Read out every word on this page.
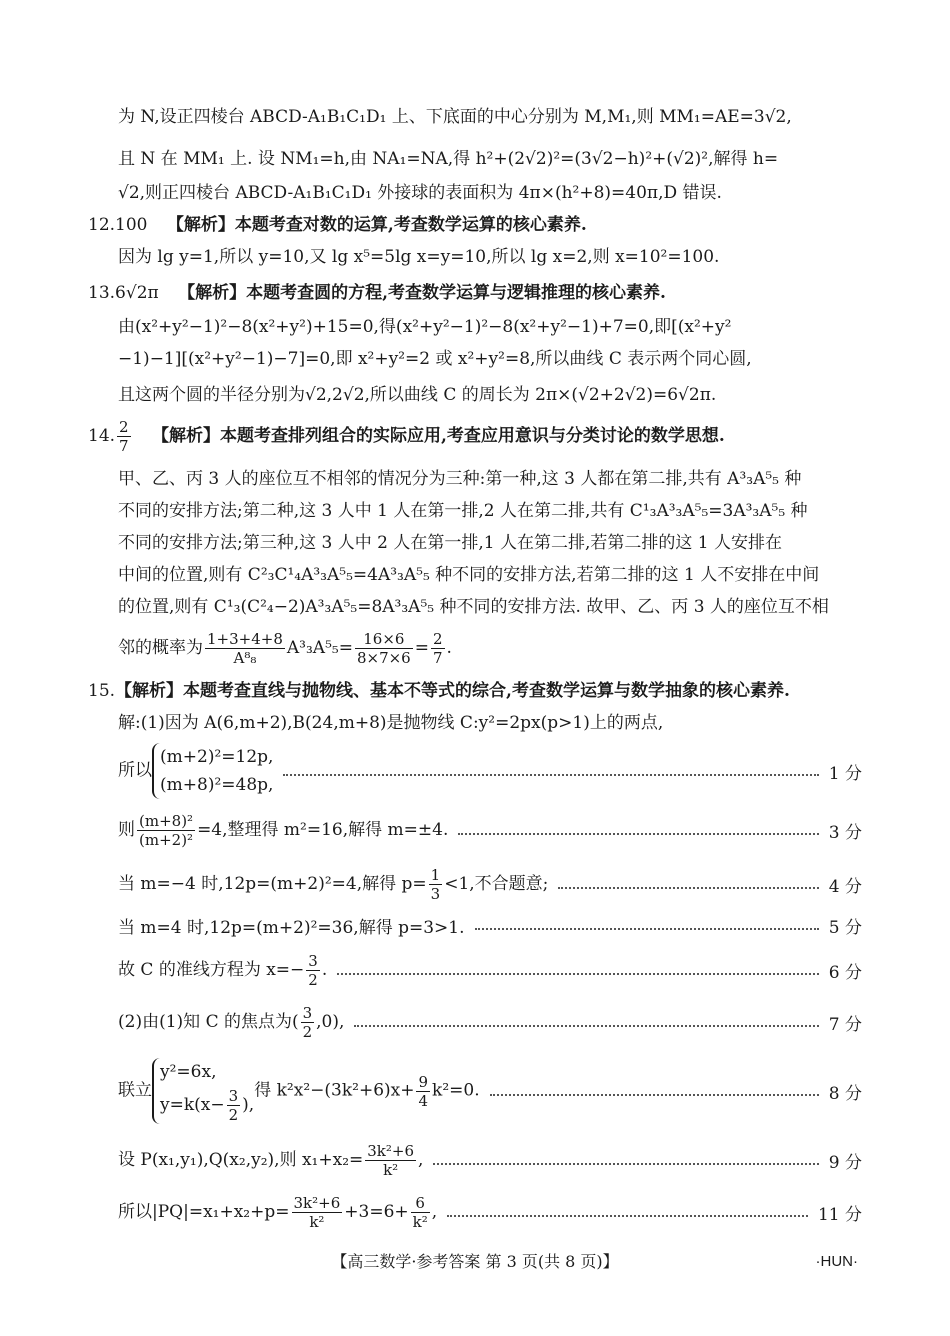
为 N,设正四棱台 ABCD-A₁B₁C₁D₁ 上、下底面的中心分别为 M,M₁,则 MM₁=AE=3√2,
且 N 在 MM₁ 上. 设 NM₁=h,由 NA₁=NA,得 h²+(2√2)²=(3√2−h)²+(√2)²,解得 h=
√2,则正四棱台 ABCD-A₁B₁C₁D₁ 外接球的表面积为 4π×(h²+8)=40π,D 错误.
12.100 【解析】本题考查对数的运算,考查数学运算的核心素养.
因为 lg y=1,所以 y=10,又 lg x⁵=5lg x=y=10,所以 lg x=2,则 x=10²=100.
13.6√2π 【解析】本题考查圆的方程,考查数学运算与逻辑推理的核心素养.
由(x²+y²−1)²−8(x²+y²)+15=0,得(x²+y²−1)²−8(x²+y²−1)+7=0,即[(x²+y²
−1)−1][(x²+y²−1)−7]=0,即 x²+y²=2 或 x²+y²=8,所以曲线 C 表示两个同心圆,
且这两个圆的半径分别为√2,2√2,所以曲线 C 的周长为 2π×(√2+2√2)=6√2π.
14. $\frac{2}{7}$ 【解析】本题考查排列组合的实际应用,考查应用意识与分类讨论的数学思想.
甲、乙、丙 3 人的座位互不相邻的情况分为三种:第一种,这 3 人都在第二排,共有 A³₃A⁵₅ 种
不同的安排方法;第二种,这 3 人中 1 人在第一排,2 人在第二排,共有 C¹₃A³₃A⁵₅=3A³₃A⁵₅ 种
不同的安排方法;第三种,这 3 人中 2 人在第一排,1 人在第二排,若第二排的这 1 人安排在
中间的位置,则有 C²₃C¹₄A³₃A⁵₅=4A³₃A⁵₅ 种不同的安排方法,若第二排的这 1 人不安排在中间
的位置,则有 C¹₃(C²₄−2)A³₃A⁵₅=8A³₃A⁵₅ 种不同的安排方法. 故甲、乙、丙 3 人的座位互不相
邻的概率为 $\frac{1+3+4+8}{\text{A⁸₈}} A^3_3A^5_5= \frac{16\times 6}{8\times 7\times 6} = \frac{2}{7}$ .
15.【解析】本题考查直线与抛物线、基本不等式的综合,考查数学运算与数学抽象的核心素养.
解:(1)因为 A(6,m+2),B(24,m+8)是抛物线 C:y²=2px(p>1)上的两点,
所以
(m+2)²=12p,
(m+8)²=48p,
1 分
则 $\frac{\text{(m+8)²}}{\text{(m+2)²}} =4$,整理得 m²=16,解得 m=±4.	3 分
当 m=−4 时,12p=(m+2)²=4,解得 $p= \frac{1}{3} <1$,不合题意;	4 分
当 m=4 时,12p=(m+2)²=36,解得 p=3>1.	5 分
故 C 的准线方程为 $x=- \frac{3}{2}$ .	6 分
(2)由(1)知 C 的焦点为( $\frac{3}{2} ,0$),	7 分
联立
y²=6x,
$y=k(x- \frac{3}{2}$ ),
得 $k^2x^2-(3k^2+6)x+ \frac{9}{4} k^2=0$.	8 分
设 P(x₁,y₁),Q(x₂,y₂),则 $x_1+x_2= \frac{\text{3k²+6}}{\text{k²}}$ ,	9 分
所以$|PQ|=x_1+x_2+p= \frac{\text{3k²+6}}{\text{k²}} +3=6+ \frac{6}{\text{k²}}$ ,	11 分
【高三数学·参考答案 第 3 页(共 8 页)】	·HUN·
